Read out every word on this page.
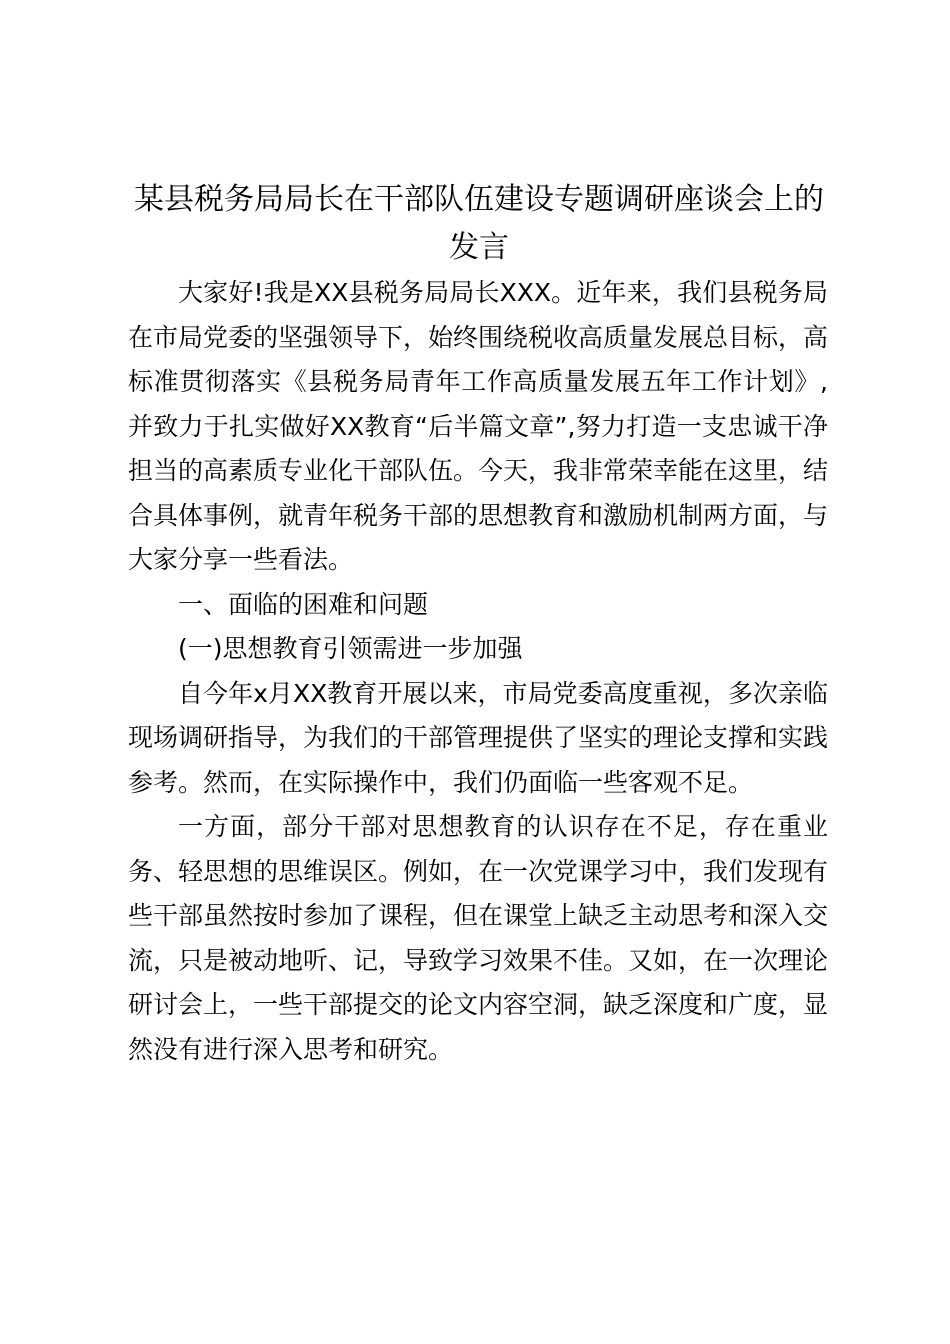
某县税务局局长在干部队伍建设专题调研座谈会上的发言

大家好!我是XX县税务局局长XXX。近年来，我们县税务局在市局党委的坚强领导下，始终围绕税收高质量发展总目标，高标准贯彻落实《县税务局青年工作高质量发展五年工作计划》,并致力于扎实做好XX教育“后半篇文章”,努力打造一支忠诚干净担当的高素质专业化干部队伍。今天，我非常荣幸能在这里，结合具体事例，就青年税务干部的思想教育和激励机制两方面，与大家分享一些看法。

一、面临的困难和问题

(一)思想教育引领需进一步加强

自今年x月XX教育开展以来，市局党委高度重视，多次亲临现场调研指导，为我们的干部管理提供了坚实的理论支撑和实践参考。然而，在实际操作中，我们仍面临一些客观不足。

一方面，部分干部对思想教育的认识存在不足，存在重业务、轻思想的思维误区。例如，在一次党课学习中，我们发现有些干部虽然按时参加了课程，但在课堂上缺乏主动思考和深入交流，只是被动地听、记，导致学习效果不佳。又如，在一次理论研讨会上，一些干部提交的论文内容空洞，缺乏深度和广度，显然没有进行深入思考和研究。
